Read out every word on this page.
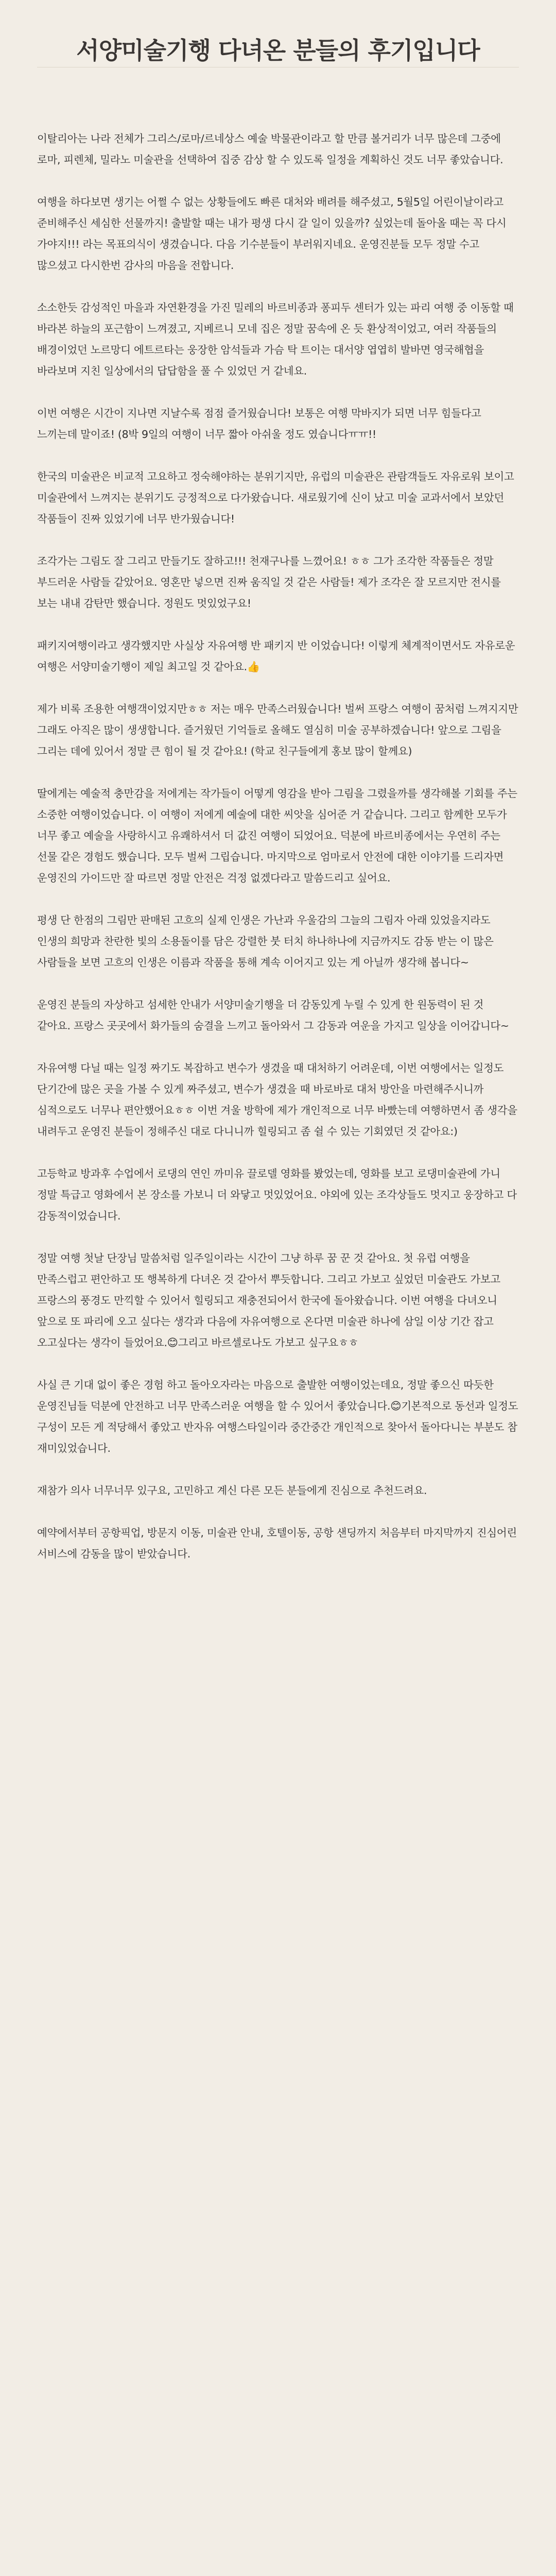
서양미술기행 다녀온 분들의 후기입니다

이탈리아는 나라 전체가 그리스/로마/르네상스 예술 박물관이라고 할 만큼 볼거리가 너무 많은데 그중에 로마, 피렌체, 밀라노 미술관을 선택하여 집중 감상 할 수 있도록 일정을 계획하신 것도 너무 좋았습니다.

여행을 하다보면 생기는 어쩔 수 없는 상황들에도 빠른 대처와 배려를 해주셨고, 5월5일 어린이날이라고 준비해주신 세심한 선물까지! 출발할 때는 내가 평생 다시 갈 일이 있을까? 싶었는데 돌아올 때는 꼭 다시 가야지!!! 라는 목표의식이 생겼습니다. 다음 기수분들이 부러워지네요. 운영진분들 모두 정말 수고 많으셨고 다시한번 감사의 마음을 전합니다.

소소한듯 감성적인 마을과 자연환경을 가진 밀레의 바르비종과 퐁피두 센터가 있는 파리 여행 중 이동할 때 바라본 하늘의 포근함이 느껴졌고, 지베르니 모네 집은 정말 꿈속에 온 듯 환상적이었고, 여러 작품들의 배경이었던 노르망디 에트르타는 웅장한 암석들과 가슴 탁 트이는 대서양 엽엽히 발바면 영국해협을 바라보며 지친 일상에서의 답답함을 풀 수 있었던 거 같네요.

이번 여행은 시간이 지나면 지날수록 점점 즐거웠습니다! 보통은 여행 막바지가 되면 너무 힘들다고 느끼는데 말이죠! (8박 9일의 여행이 너무 짧아 아쉬울 정도 였습니다ㅠㅠ!!

한국의 미술관은 비교적 고요하고 정숙해야하는 분위기지만, 유럽의 미술관은 관람객들도 자유로워 보이고 미술관에서 느껴지는 분위기도 긍정적으로 다가왔습니다. 새로웠기에 신이 났고 미술 교과서에서 보았던 작품들이 진짜 있었기에 너무 반가웠습니다!

조각가는 그림도 잘 그리고 만들기도 잘하고!!! 천재구나를 느꼈어요! ㅎㅎ 그가 조각한 작품들은 정말 부드러운 사람들 같았어요. 영혼만 넣으면 진짜 움직일 것 같은 사람들! 제가 조각은 잘 모르지만 전시를 보는 내내 감탄만 했습니다. 정원도 멋있었구요!

패키지여행이라고 생각했지만 사실상 자유여행 반 패키지 반 이었습니다! 이렇게 체계적이면서도 자유로운 여행은 서양미술기행이 제일 최고일 것 같아요.👍

제가 비록 조용한 여행객이었지만ㅎㅎ 저는 매우 만족스러웠습니다! 벌써 프랑스 여행이 꿈처럼 느껴지지만 그래도 아직은 많이 생생합니다. 즐거웠던 기억들로 올해도 열심히 미술 공부하겠습니다! 앞으로 그림을 그리는 데에 있어서 정말 큰 힘이 될 것 같아요! (학교 친구들에게 홍보 많이 할께요)

딸에게는 예술적 충만감을 저에게는 작가들이 어떻게 영감을 받아 그림을 그렸을까를 생각해볼 기회를 주는 소중한 여행이었습니다. 이 여행이 저에게 예술에 대한 씨앗을 심어준 거 같습니다. 그리고 함께한 모두가 너무 좋고 예술을 사랑하시고 유쾌하셔서 더 값진 여행이 되었어요. 덕분에 바르비종에서는 우연히 주는 선물 같은 경험도 했습니다. 모두 벌써 그립습니다. 마지막으로 엄마로서 안전에 대한 이야기를 드리자면 운영진의 가이드만 잘 따르면 정말 안전은 걱정 없겠다라고 말씀드리고 싶어요.

평생 단 한점의 그림만 판매된 고흐의 실제 인생은 가난과 우울감의 그늘의 그림자 아래 있었을지라도 인생의 희망과 찬란한 빛의 소용돌이를 담은 강렬한 붓 터치 하나하나에 지금까지도 감동 받는 이 많은 사람들을 보면 고흐의 인생은 이름과 작품을 통해 계속 이어지고 있는 게 아닐까 생각해 봅니다~

운영진 분들의 자상하고 섬세한 안내가 서양미술기행을 더 감동있게 누릴 수 있게 한 원동력이 된 것 같아요. 프랑스 곳곳에서 화가들의 숨결을 느끼고 돌아와서 그 감동과 여운을 가지고 일상을 이어갑니다~

자유여행 다닐 때는 일정 짜기도 복잡하고 변수가 생겼을 때 대처하기 어려운데, 이번 여행에서는 일정도 단기간에 많은 곳을 가볼 수 있게 짜주셨고, 변수가 생겼을 때 바로바로 대처 방안을 마련해주시니까 심적으로도 너무나 편안했어요ㅎㅎ 이번 겨울 방학에 제가 개인적으로 너무 바빴는데 여행하면서 좀 생각을 내려두고 운영진 분들이 정해주신 대로 다니니까 힐링되고 좀 쉴 수 있는 기회였던 것 같아요:)

고등학교 방과후 수업에서 로댕의 연인 까미유 끌로델 영화를 봤었는데, 영화를 보고 로댕미술관에 가니 정말 특급고 영화에서 본 장소를 가보니 더 와닿고 멋있었어요. 야외에 있는 조각상들도 멋지고 웅장하고 다 감동적이었습니다.

정말 여행 첫날 단장님 말씀처럼 일주일이라는 시간이 그냥 하루 꿈 꾼 것 같아요. 첫 유럽 여행을 만족스럽고 편안하고 또 행복하게 다녀온 것 같아서 뿌듯합니다. 그리고 가보고 싶었던 미술관도 가보고 프랑스의 풍경도 만끽할 수 있어서 힐링되고 재충전되어서 한국에 돌아왔습니다. 이번 여행을 다녀오니 앞으로 또 파리에 오고 싶다는 생각과 다음에 자유여행으로 온다면 미술관 하나에 삼일 이상 기간 잡고 오고싶다는 생각이 들었어요.😊그리고 바르셀로나도 가보고 싶구요ㅎㅎ

사실 큰 기대 없이 좋은 경험 하고 돌아오자라는 마음으로 출발한 여행이었는데요, 정말 좋으신 따듯한 운영진님들 덕분에 안전하고 너무 만족스러운 여행을 할 수 있어서 좋았습니다.😊기본적으로 동선과 일정도 구성이 모든 게 적당해서 좋았고 반자유 여행스타일이라 중간중간 개인적으로 찾아서 돌아다니는 부분도 참 재미있었습니다.

재참가 의사 너무너무 있구요, 고민하고 계신 다른 모든 분들에게 진심으로 추천드려요.

예약에서부터 공항픽업, 방문지 이동, 미술관 안내, 호텔이동, 공항 샌딩까지 처음부터 마지막까지 진심어린 서비스에 감동을 많이 받았습니다.
